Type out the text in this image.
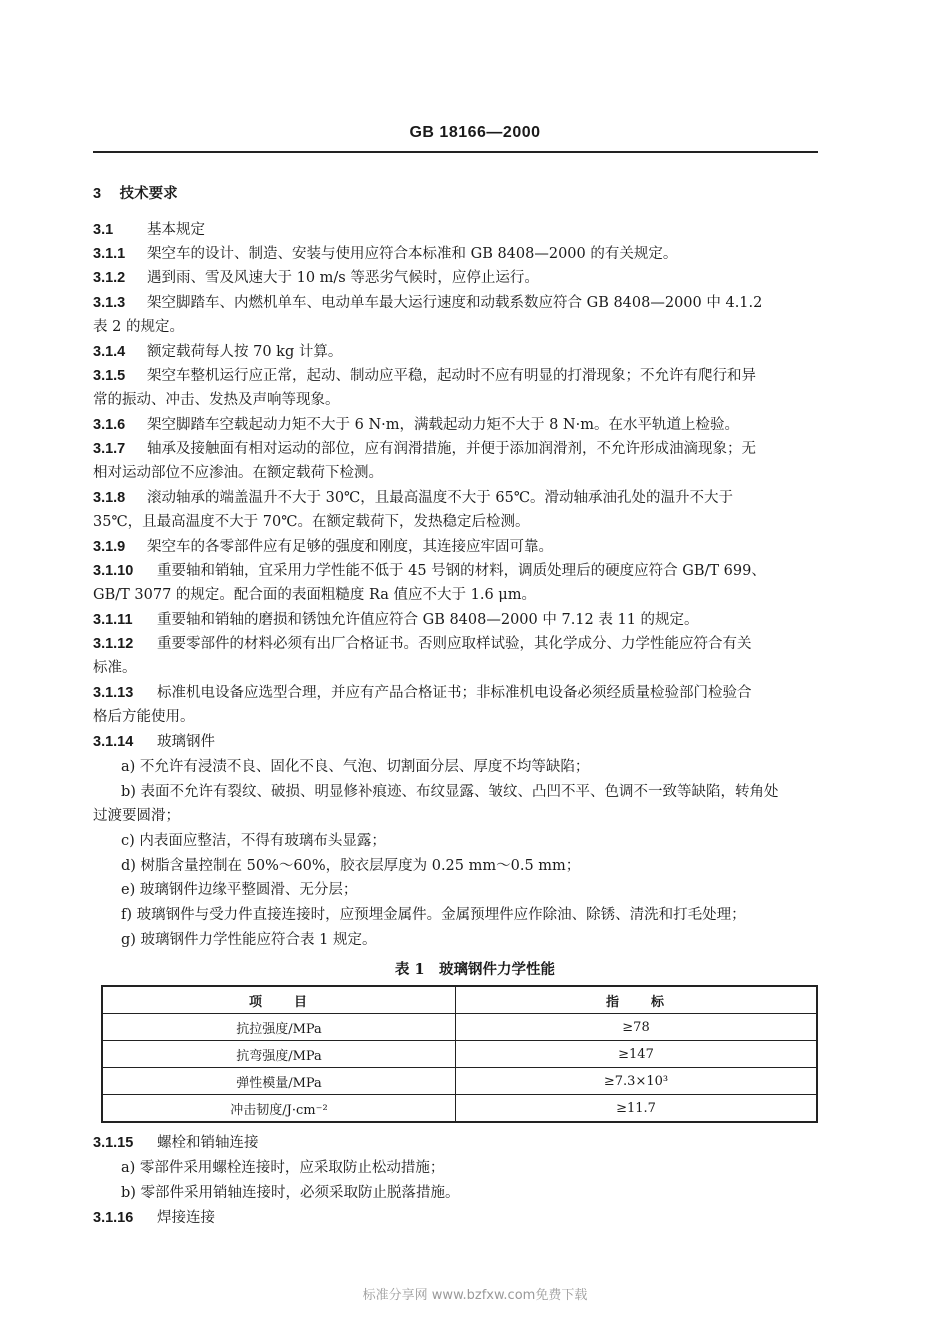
GB 18166—2000
3 技术要求
3.1 基本规定
3.1.1 架空车的设计、制造、安装与使用应符合本标准和 GB 8408—2000 的有关规定。
3.1.2 遇到雨、雪及风速大于 10 m/s 等恶劣气候时，应停止运行。
3.1.3 架空脚踏车、内燃机单车、电动单车最大运行速度和动载系数应符合 GB 8408—2000 中 4.1.2
表 2 的规定。
3.1.4 额定载荷每人按 70 kg 计算。
3.1.5 架空车整机运行应正常，起动、制动应平稳，起动时不应有明显的打滑现象；不允许有爬行和异
常的振动、冲击、发热及声响等现象。
3.1.6 架空脚踏车空载起动力矩不大于 6 N·m，满载起动力矩不大于 8 N·m。在水平轨道上检验。
3.1.7 轴承及接触面有相对运动的部位，应有润滑措施，并便于添加润滑剂，不允许形成油滴现象；无
相对运动部位不应渗油。在额定载荷下检测。
3.1.8 滚动轴承的端盖温升不大于 30℃，且最高温度不大于 65℃。滑动轴承油孔处的温升不大于
35℃，且最高温度不大于 70℃。在额定载荷下，发热稳定后检测。
3.1.9 架空车的各零部件应有足够的强度和刚度，其连接应牢固可靠。
3.1.10 重要轴和销轴，宜采用力学性能不低于 45 号钢的材料，调质处理后的硬度应符合 GB/T 699、
GB/T 3077 的规定。配合面的表面粗糙度 Ra 值应不大于 1.6 μm。
3.1.11 重要轴和销轴的磨损和锈蚀允许值应符合 GB 8408—2000 中 7.12 表 11 的规定。
3.1.12 重要零部件的材料必须有出厂合格证书。否则应取样试验，其化学成分、力学性能应符合有关
标准。
3.1.13 标准机电设备应选型合理，并应有产品合格证书；非标准机电设备必须经质量检验部门检验合
格后方能使用。
3.1.14 玻璃钢件
a) 不允许有浸渍不良、固化不良、气泡、切割面分层、厚度不均等缺陷；
b) 表面不允许有裂纹、破损、明显修补痕迹、布纹显露、皱纹、凸凹不平、色调不一致等缺陷，转角处
过渡要圆滑；
c) 内表面应整洁，不得有玻璃布头显露；
d) 树脂含量控制在 50%～60%，胶衣层厚度为 0.25 mm～0.5 mm；
e) 玻璃钢件边缘平整圆滑、无分层；
f) 玻璃钢件与受力件直接连接时，应预埋金属件。金属预埋件应作除油、除锈、清洗和打毛处理；
g) 玻璃钢件力学性能应符合表 1 规定。
表 1　玻璃钢件力学性能
项　　目	指　　标
抗拉强度/MPa	≥78
抗弯强度/MPa	≥147
弹性模量/MPa	≥7.3×10³
冲击韧度/J·cm⁻²	≥11.7
3.1.15 螺栓和销轴连接
a) 零部件采用螺栓连接时，应采取防止松动措施；
b) 零部件采用销轴连接时，必须采取防止脱落措施。
3.1.16 焊接连接
标准分享网 www.bzfxw.com免费下载
